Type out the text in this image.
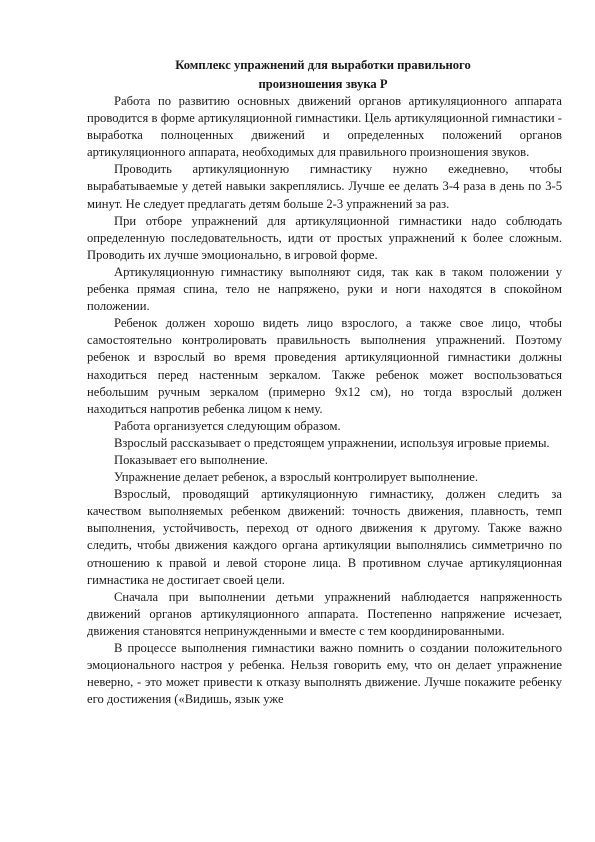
Комплекс упражнений для выработки правильного
произношения звука Р

Работа по развитию основных движений органов артикуляционного аппарата проводится в форме артикуляционной гимнастики. Цель артикуляционной гимнастики - выработка полноценных движений и определенных положений органов артикуляционного аппарата, необходимых для правильного произношения звуков.

Проводить артикуляционную гимнастику нужно ежедневно, чтобы вырабатываемые у детей навыки закреплялись. Лучше ее делать 3-4 раза в день по 3-5 минут. Не следует предлагать детям больше 2-3 упражнений за раз.

При отборе упражнений для артикуляционной гимнастики надо соблюдать определенную последовательность, идти от простых упражнений к более сложным. Проводить их лучше эмоционально, в игровой форме.

Артикуляционную гимнастику выполняют сидя, так как в таком положении у ребенка прямая спина, тело не напряжено, руки и ноги находятся в спокойном положении.

Ребенок должен хорошо видеть лицо взрослого, а также свое лицо, чтобы самостоятельно контролировать правильность выполнения упражнений. Поэтому ребенок и взрослый во время проведения артикуляционной гимнастики должны находиться перед настенным зеркалом. Также ребенок может воспользоваться небольшим ручным зеркалом (примерно 9х12 см), но тогда взрослый должен находиться напротив ребенка лицом к нему.

Работа организуется следующим образом.

Взрослый рассказывает о предстоящем упражнении, используя игровые приемы.

Показывает его выполнение.

Упражнение делает ребенок, а взрослый контролирует выполнение.

Взрослый, проводящий артикуляционную гимнастику, должен следить за качеством выполняемых ребенком движений: точность движения, плавность, темп выполнения, устойчивость, переход от одного движения к другому. Также важно следить, чтобы движения каждого органа артикуляции выполнялись симметрично по отношению к правой и левой стороне лица. В противном случае артикуляционная гимнастика не достигает своей цели.

Сначала при выполнении детьми упражнений наблюдается напряженность движений органов артикуляционного аппарата. Постепенно напряжение исчезает, движения становятся непринужденными и вместе с тем координированными.

В процессе выполнения гимнастики важно помнить о создании положительного эмоционального настроя у ребенка. Нельзя говорить ему, что он делает упражнение неверно, - это может привести к отказу выполнять движение. Лучше покажите ребенку его достижения («Видишь, язык уже
